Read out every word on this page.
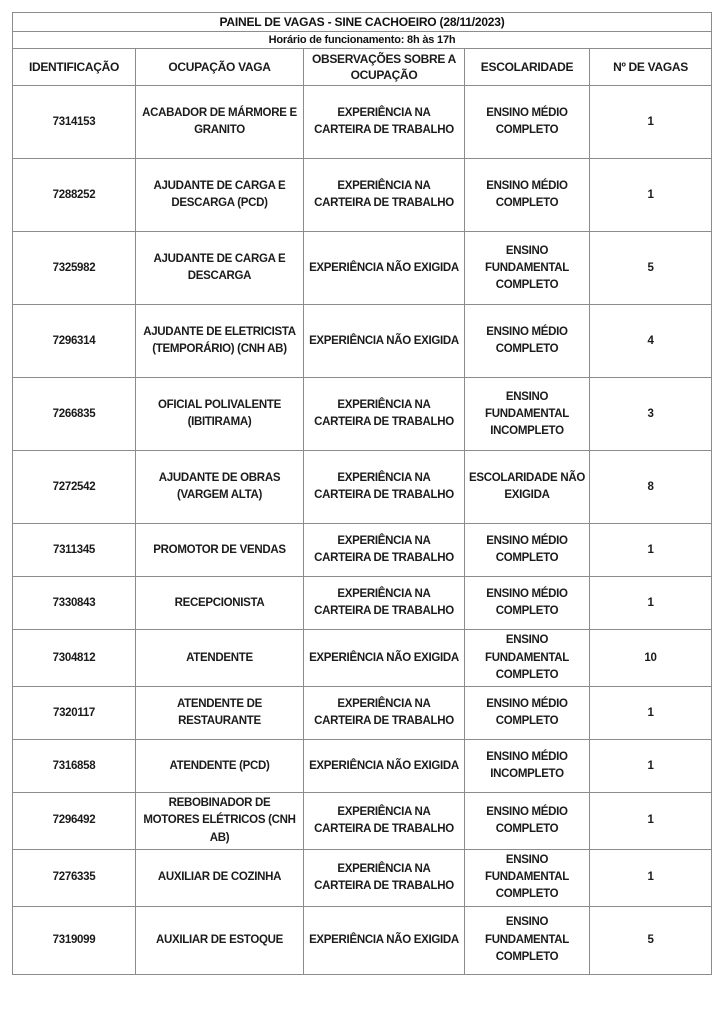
PAINEL DE VAGAS - SINE CACHOEIRO (28/11/2023)				
Horário de funcionamento: 8h às 17h				
IDENTIFICAÇÃO	OCUPAÇÃO VAGA	OBSERVAÇÕES SOBRE A OCUPAÇÃO	ESCOLARIDADE	Nº DE VAGAS
7314153	ACABADOR DE MÁRMORE E GRANITO	EXPERIÊNCIA NA CARTEIRA DE TRABALHO	ENSINO MÉDIO COMPLETO	1
7288252	AJUDANTE DE CARGA E DESCARGA (PCD)	EXPERIÊNCIA NA CARTEIRA DE TRABALHO	ENSINO MÉDIO COMPLETO	1
7325982	AJUDANTE DE CARGA E DESCARGA	EXPERIÊNCIA NÃO EXIGIDA	ENSINO FUNDAMENTAL COMPLETO	5
7296314	AJUDANTE DE ELETRICISTA (TEMPORÁRIO) (CNH AB)	EXPERIÊNCIA NÃO EXIGIDA	ENSINO MÉDIO COMPLETO	4
7266835	OFICIAL POLIVALENTE (IBITIRAMA)	EXPERIÊNCIA NA CARTEIRA DE TRABALHO	ENSINO FUNDAMENTAL INCOMPLETO	3
7272542	AJUDANTE DE OBRAS (VARGEM ALTA)	EXPERIÊNCIA NA CARTEIRA DE TRABALHO	ESCOLARIDADE NÃO EXIGIDA	8
7311345	PROMOTOR DE VENDAS	EXPERIÊNCIA NA CARTEIRA DE TRABALHO	ENSINO MÉDIO COMPLETO	1
7330843	RECEPCIONISTA	EXPERIÊNCIA NA CARTEIRA DE TRABALHO	ENSINO MÉDIO COMPLETO	1
7304812	ATENDENTE	EXPERIÊNCIA NÃO EXIGIDA	ENSINO FUNDAMENTAL COMPLETO	10
7320117	ATENDENTE DE RESTAURANTE	EXPERIÊNCIA NA CARTEIRA DE TRABALHO	ENSINO MÉDIO COMPLETO	1
7316858	ATENDENTE (PCD)	EXPERIÊNCIA NÃO EXIGIDA	ENSINO MÉDIO INCOMPLETO	1
7296492	REBOBINADOR DE MOTORES ELÉTRICOS (CNH AB)	EXPERIÊNCIA NA CARTEIRA DE TRABALHO	ENSINO MÉDIO COMPLETO	1
7276335	AUXILIAR DE COZINHA	EXPERIÊNCIA NA CARTEIRA DE TRABALHO	ENSINO FUNDAMENTAL COMPLETO	1
7319099	AUXILIAR DE ESTOQUE	EXPERIÊNCIA NÃO EXIGIDA	ENSINO FUNDAMENTAL COMPLETO	5
